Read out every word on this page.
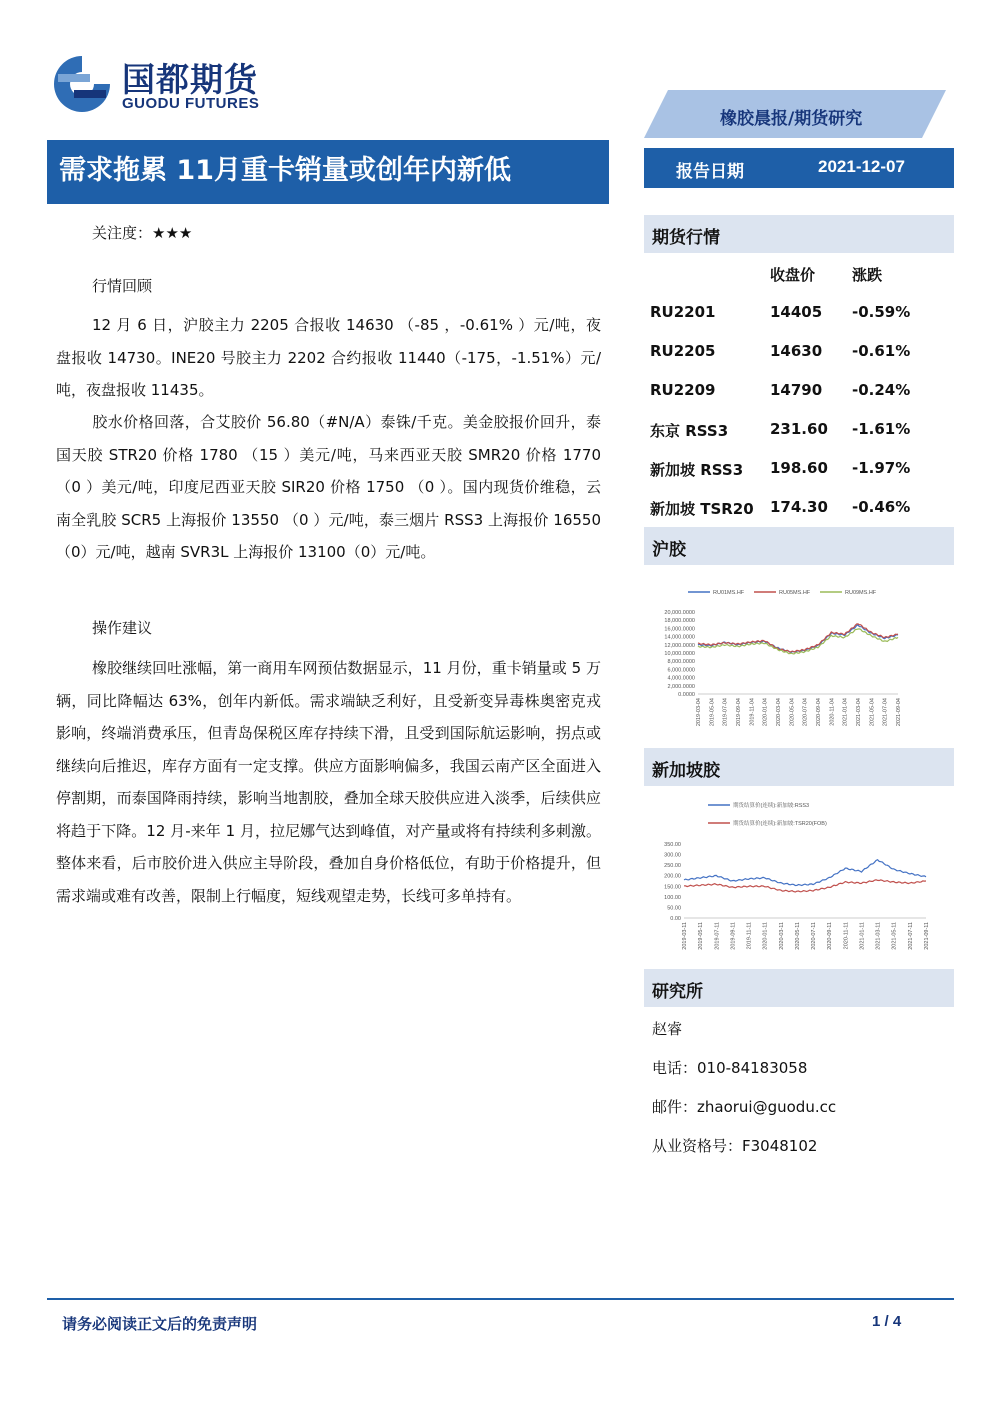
国都期货
GUODU FUTURES
橡胶晨报/期货研究
需求拖累 11月重卡销量或创年内新低	报告日期	2021-12-07
关注度：★★★
行情回顾
12 月 6 日，沪胶主力 2205 合报收 14630 （-85 ，-0.61% ）元/吨，夜盘报收 14730。INE20 号胶主力 2202 合约报收 11440（-175，-1.51%）元/吨，夜盘报收 11435。
胶水价格回落，合艾胶价 56.80（#N/A）泰铢/千克。美金胶报价回升，泰国天胶 STR20 价格 1780 （15 ）美元/吨，马来西亚天胶 SMR20 价格 1770 （0 ）美元/吨，印度尼西亚天胶 SIR20 价格 1750 （0 ）。国内现货价维稳，云南全乳胶 SCR5 上海报价 13550 （0 ）元/吨，泰三烟片 RSS3 上海报价 16550（0）元/吨，越南 SVR3L 上海报价 13100（0）元/吨。
操作建议
橡胶继续回吐涨幅，第一商用车网预估数据显示，11 月份，重卡销量或 5 万辆，同比降幅达 63%，创年内新低。需求端缺乏利好，且受新变异毒株奥密克戎影响，终端消费承压，但青岛保税区库存持续下滑，且受到国际航运影响，拐点或继续向后推迟，库存方面有一定支撑。供应方面影响偏多，我国云南产区全面进入停割期，而泰国降雨持续，影响当地割胶，叠加全球天胶供应进入淡季，后续供应将趋于下降。12 月-来年 1 月，拉尼娜气达到峰值，对产量或将有持续利多刺激。整体来看，后市胶价进入供应主导阶段，叠加自身价格低位，有助于价格提升，但需求端或难有改善，限制上行幅度，短线观望走势，长线可多单持有。
期货行情
收盘价 涨跌
RU2201	14405 -0.59%
RU2205	14630 -0.61%
RU2209	14790 -0.24%
东京 RSS3	231.60 -1.61%
新加坡 RSS3 198.60 -1.97%
新加坡 TSR20 174.30 -0.46%
沪胶
20,000.0000
18,000.0000
16,000.0000
14,000.0000
12,000.0000
10,000.0000
8,000.0000
6,000.0000
4,000.0000
2,000.0000
0.0000
2019-03-04 2019-05-04 2019-07-04 2019-09-04 2019-11-04 2020-01-04 2020-03-04 2020-05-04 2020-07-04 2020-09-04 2020-11-04 2021-01-04 2021-03-04 2021-05-04 2021-07-04 2021-09-04
RU01MS.HF	RU05MS.HF	RU09MS.HF
新加坡胶
350.00
300.00
250.00
200.00
150.00
100.00
50.00
0.00
2019-03-11 2019-05-11 2019-07-11 2019-09-11 2019-11-11 2020-01-11 2020-03-11 2020-05-11 2020-07-11 2020-09-11 2020-11-11 2021-01-11 2021-03-11 2021-05-11 2021-07-11 2021-09-11
期货结算价(连续):新加坡:RSS3
期货结算价(连续):新加坡:TSR20(FOB)
研究所
赵睿
电话：010-84183058
邮件：zhaorui@guodu.cc
从业资格号：F3048102
请务必阅读正文后的免责声明	1 / 4
